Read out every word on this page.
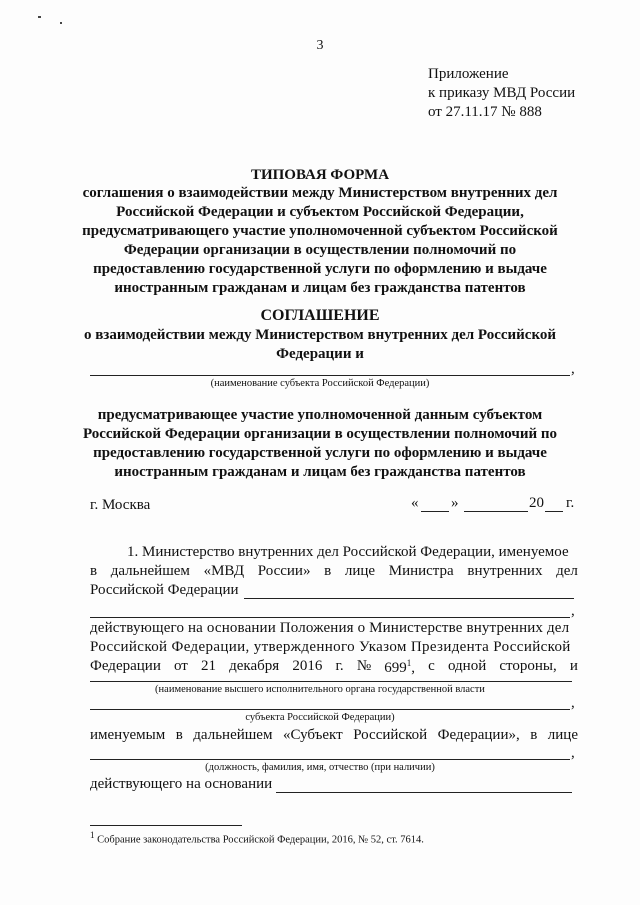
3
Приложение
к приказу МВД России
от 27.11.17 № 888
ТИПОВАЯ ФОРМА
соглашения о взаимодействии между Министерством внутренних дел
Российской Федерации и субъектом Российской Федерации,
предусматривающего участие уполномоченной субъектом Российской
Федерации организации в осуществлении полномочий по
предоставлению государственной услуги по оформлению и выдаче
иностранным гражданам и лицам без гражданства патентов
СОГЛАШЕНИЕ
о взаимодействии между Министерством внутренних дел Российской
Федерации и
,
(наименование субъекта Российской Федерации)
предусматривающее участие уполномоченной данным субъектом
Российской Федерации организации в осуществлении полномочий по
предоставлению государственной услуги по оформлению и выдаче
иностранным гражданам и лицам без гражданства патентов
г. Москва	« »	20 г.
1. Министерство внутренних дел Российской Федерации, именуемое
в дальнейшем «МВД России» в лице Министра внутренних дел
Российской Федерации
,
действующего на основании Положения о Министерстве внутренних дел
Российской Федерации, утвержденного Указом Президента Российской
Федерации от 21 декабря 2016 г. № $699^1$, с одной стороны, и
(наименование высшего исполнительного органа государственной власти
,
субъекта Российской Федерации)
именуемым в дальнейшем «Субъект Российской Федерации», в лице
,
(должность, фамилия, имя, отчество (при наличии)
действующего на основании
$^1$ Собрание законодательства Российской Федерации, 2016, № 52, ст. 7614.
